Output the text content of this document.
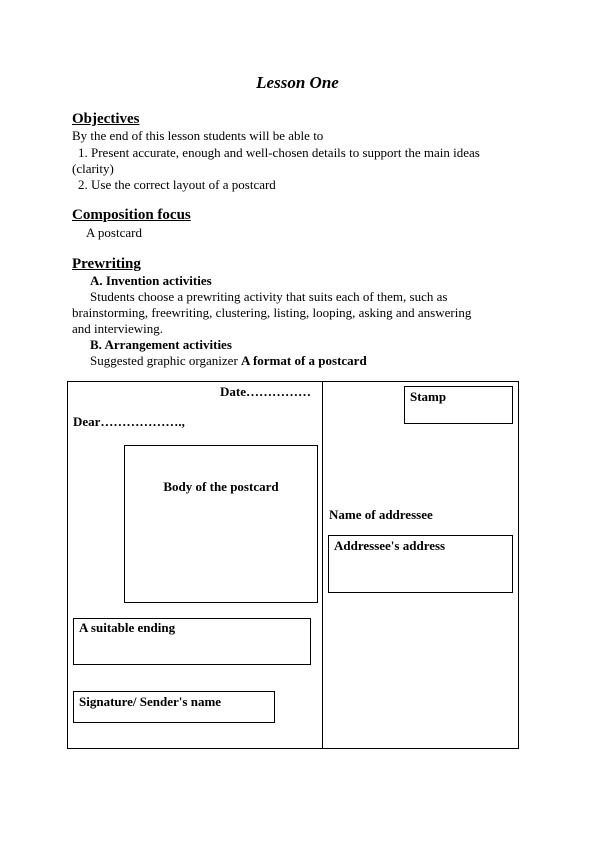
Lesson One
Objectives
By the end of this lesson students will be able to
1. Present accurate, enough and well-chosen details to support the main ideas
(clarity)
2. Use the correct layout of a postcard
Composition focus
A postcard
Prewriting
A. Invention activities
Students choose a prewriting activity that suits each of them, such as
brainstorming, freewriting, clustering, listing, looping, asking and answering
and interviewing.
B. Arrangement activities
Suggested graphic organizer A format of a postcard
Date……………
Dear……………….,
Body of the postcard
A suitable ending
Signature/ Sender's name
Stamp
Name of addressee
Addressee's address
